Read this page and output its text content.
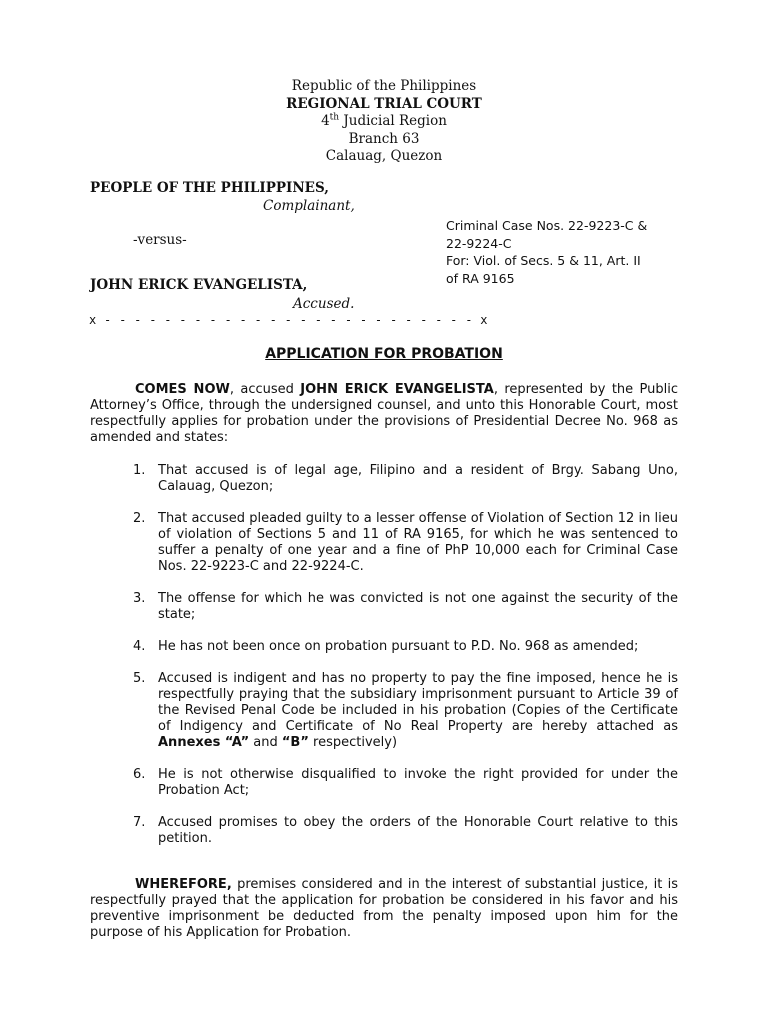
Republic of the Philippines
REGIONAL TRIAL COURT
4th Judicial Region
Branch 63
Calauag, Quezon
PEOPLE OF THE PHILIPPINES,
Complainant,
-versus-
JOHN ERICK EVANGELISTA,
Accused.
x - - - - - - - - - - - - - - - - - - - - - - - - - x
Criminal Case Nos. 22-9223-C &
22-9224-C
For: Viol. of Secs. 5 & 11, Art. II
of RA 9165
APPLICATION FOR PROBATION
COMES NOW, accused JOHN ERICK EVANGELISTA, represented by the Public Attorney’s Office, through the undersigned counsel, and unto this Honorable Court, most respectfully applies for probation under the provisions of Presidential Decree No. 968 as amended and states:
1. That accused is of legal age, Filipino and a resident of Brgy. Sabang Uno, Calauag, Quezon;
2. That accused pleaded guilty to a lesser offense of Violation of Section 12 in lieu of violation of Sections 5 and 11 of RA 9165, for which he was sentenced to suffer a penalty of one year and a fine of PhP 10,000 each for Criminal Case Nos. 22-9223-C and 22-9224-C.
3. The offense for which he was convicted is not one against the security of the state;
4. He has not been once on probation pursuant to P.D. No. 968 as amended;
5. Accused is indigent and has no property to pay the fine imposed, hence he is respectfully praying that the subsidiary imprisonment pursuant to Article 39 of the Revised Penal Code be included in his probation (Copies of the Certificate of Indigency and Certificate of No Real Property are hereby attached as Annexes “A” and “B” respectively)
6. He is not otherwise disqualified to invoke the right provided for under the Probation Act;
7. Accused promises to obey the orders of the Honorable Court relative to this petition.
WHEREFORE, premises considered and in the interest of substantial justice, it is respectfully prayed that the application for probation be considered in his favor and his preventive imprisonment be deducted from the penalty imposed upon him for the purpose of his Application for Probation.
